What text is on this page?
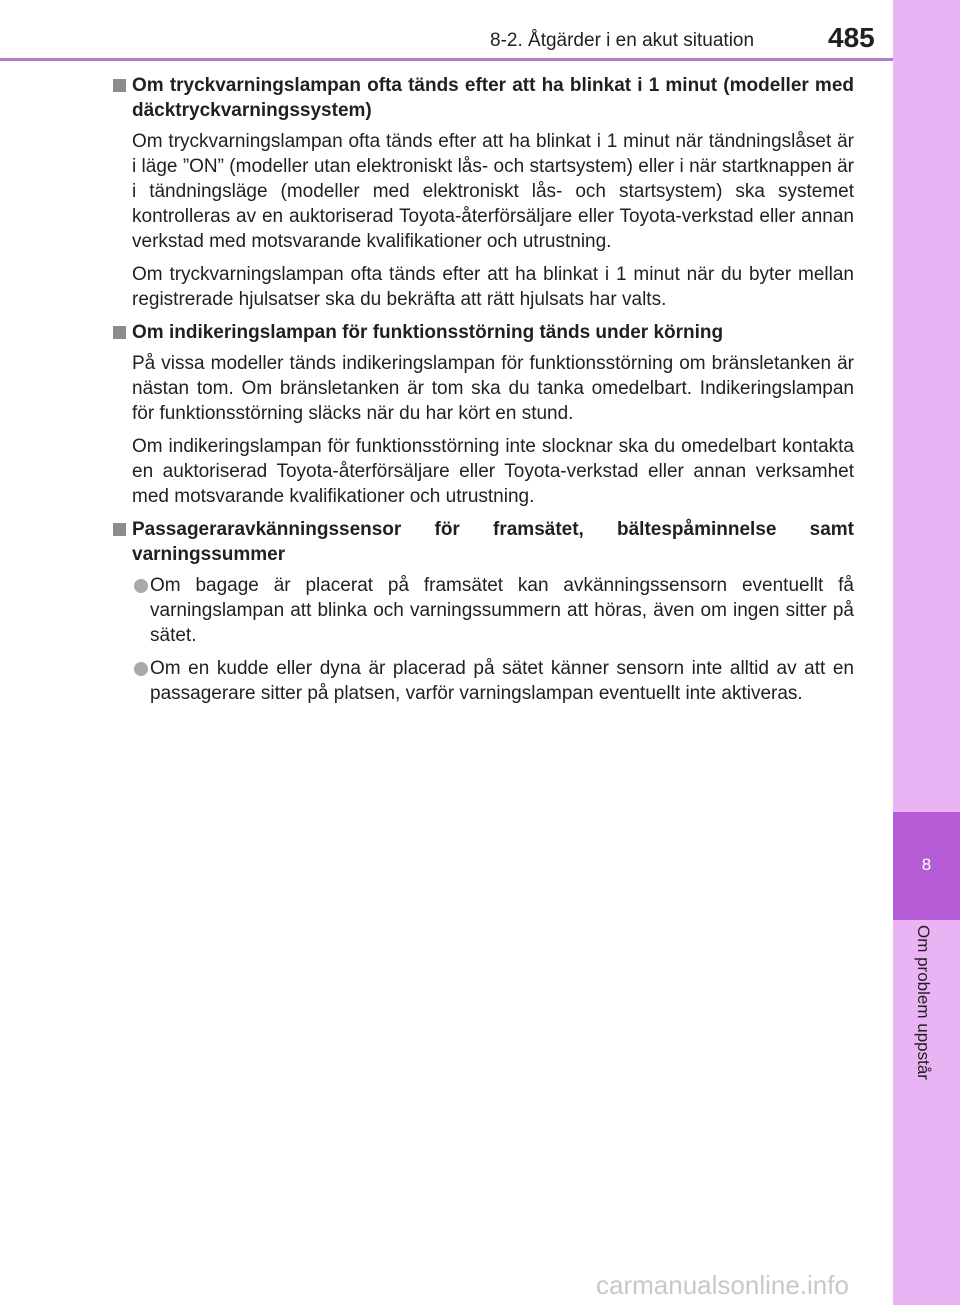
8-2. Åtgärder i en akut situation	485
8
Om problem uppstår
Om tryckvarningslampan ofta tänds efter att ha blinkat i 1 minut (modeller med däcktryckvarningssystem)

Om tryckvarningslampan ofta tänds efter att ha blinkat i 1 minut när tändningslåset är i läge ”ON” (modeller utan elektroniskt lås- och startsystem) eller i när startknappen är i tändningsläge (modeller med elektroniskt lås- och startsystem) ska systemet kontrolleras av en auktoriserad Toyota-återförsäljare eller Toyota-verkstad eller annan verkstad med motsvarande kvalifikationer och utrustning.

Om tryckvarningslampan ofta tänds efter att ha blinkat i 1 minut när du byter mellan registrerade hjulsatser ska du bekräfta att rätt hjulsats har valts.

Om indikeringslampan för funktionsstörning tänds under körning

På vissa modeller tänds indikeringslampan för funktionsstörning om bränsletanken är nästan tom. Om bränsletanken är tom ska du tanka omedelbart. Indikeringslampan för funktionsstörning släcks när du har kört en stund.

Om indikeringslampan för funktionsstörning inte slocknar ska du omedelbart kontakta en auktoriserad Toyota-återförsäljare eller Toyota-verkstad eller annan verksamhet med motsvarande kvalifikationer och utrustning.

Passageraravkänningssensor för framsätet, bältespåminnelse samt varningssummer
Om bagage är placerat på framsätet kan avkänningssensorn eventuellt få varningslampan att blinka och varningssummern att höras, även om ingen sitter på sätet.
Om en kudde eller dyna är placerad på sätet känner sensorn inte alltid av att en passagerare sitter på platsen, varför varningslampan eventuellt inte aktiveras.
carmanualsonline.info
